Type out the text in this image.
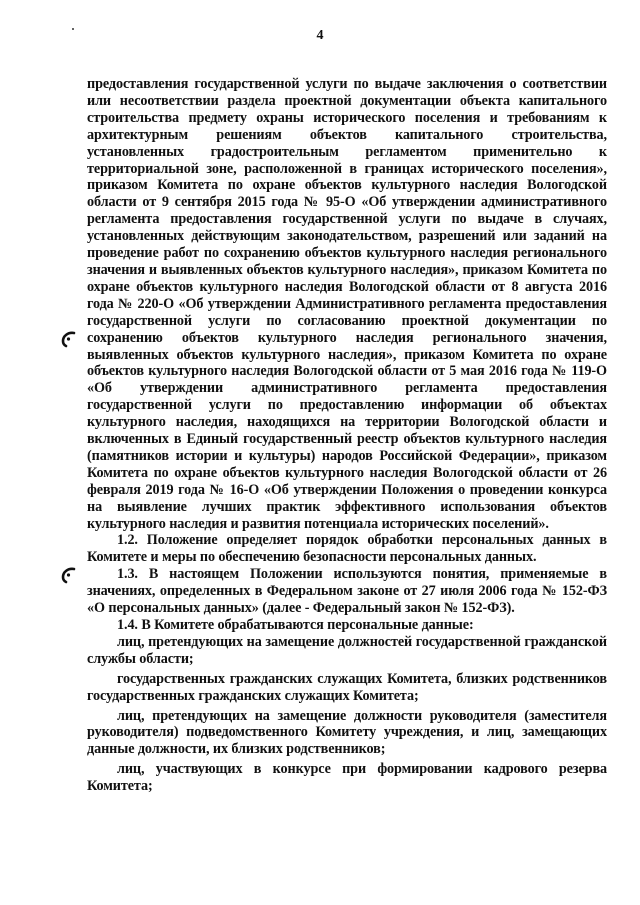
4

предоставления государственной услуги по выдаче заключения о соответствии или несоответствии раздела проектной документации объекта капитального строительства предмету охраны исторического поселения и требованиям к архитектурным решениям объектов капитального строительства, установленных градостроительным регламентом применительно к территориальной зоне, расположенной в границах исторического поселения», приказом Комитета по охране объектов культурного наследия Вологодской области от 9 сентября 2015 года № 95-О «Об утверждении административного регламента предоставления государственной услуги по выдаче в случаях, установленных действующим законодательством, разрешений или заданий на проведение работ по сохранению объектов культурного наследия регионального значения и выявленных объектов культурного наследия», приказом Комитета по охране объектов культурного наследия Вологодской области от 8 августа 2016 года № 220-О «Об утверждении Административного регламента предоставления государственной услуги по согласованию проектной документации по сохранению объектов культурного наследия регионального значения, выявленных объектов культурного наследия», приказом Комитета по охране объектов культурного наследия Вологодской области от 5 мая 2016 года № 119-О «Об утверждении административного регламента предоставления государственной услуги по предоставлению информации об объектах культурного наследия, находящихся на территории Вологодской области и включенных в Единый государственный реестр объектов культурного наследия (памятников истории и культуры) народов Российской Федерации», приказом Комитета по охране объектов культурного наследия Вологодской области от 26 февраля 2019 года № 16-О «Об утверждении Положения о проведении конкурса на выявление лучших практик эффективного использования объектов культурного наследия и развития потенциала исторических поселений».

1.2. Положение определяет порядок обработки персональных данных в Комитете и меры по обеспечению безопасности персональных данных.

1.3. В настоящем Положении используются понятия, применяемые в значениях, определенных в Федеральном законе от 27 июля 2006 года № 152-ФЗ «О персональных данных» (далее - Федеральный закон № 152-ФЗ).

1.4. В Комитете обрабатываются персональные данные:

лиц, претендующих на замещение должностей государственной гражданской службы области;

государственных гражданских служащих Комитета, близких родственников государственных гражданских служащих Комитета;

лиц, претендующих на замещение должности руководителя (заместителя руководителя) подведомственного Комитету учреждения, и лиц, замещающих данные должности, их близких родственников;

лиц, участвующих в конкурсе при формировании кадрового резерва Комитета;
